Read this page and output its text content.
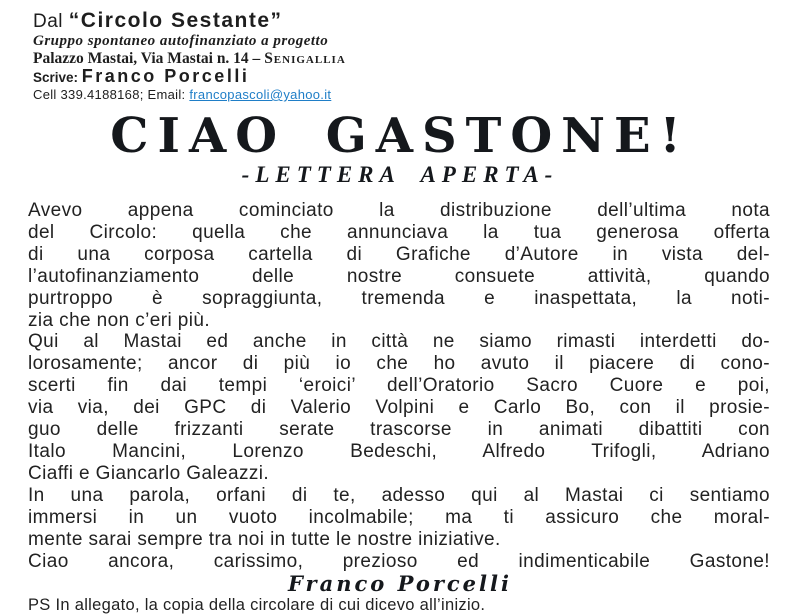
Dal “Circolo Sestante”
Gruppo spontaneo autofinanziato a progetto
Palazzo Mastai, Via Mastai n. 14 – Senigallia
Scrive: Franco Porcelli
Cell 339.4188168; Email: francopascoli@yahoo.it
CIAO GASTONE!
-LETTERA APERTA-
Avevo appena cominciato la distribuzione dell’ultima nota
del Circolo: quella che annunciava la tua generosa offerta
di una corposa cartella di Grafiche d’Autore in vista del-
l’autofinanziamento delle nostre consuete attività, quando
purtroppo è sopraggiunta, tremenda e inaspettata, la noti-
zia che non c’eri più.
Qui al Mastai ed anche in città ne siamo rimasti interdetti do-
lorosamente; ancor di più io che ho avuto il piacere di cono-
scerti fin dai tempi ‘eroici’ dell’Oratorio Sacro Cuore e poi,
via via, dei GPC di Valerio Volpini e Carlo Bo, con il prosie-
guo delle frizzanti serate trascorse in animati dibattiti con
Italo Mancini, Lorenzo Bedeschi, Alfredo Trifogli, Adriano
Ciaffi e Giancarlo Galeazzi.
In una parola, orfani di te, adesso qui al Mastai ci sentiamo
immersi in un vuoto incolmabile; ma ti assicuro che moral-
mente sarai sempre tra noi in tutte le nostre iniziative.
Ciao ancora, carissimo, prezioso ed indimenticabile Gastone!
Franco Porcelli
PS In allegato, la copia della circolare di cui dicevo all’inizio.
